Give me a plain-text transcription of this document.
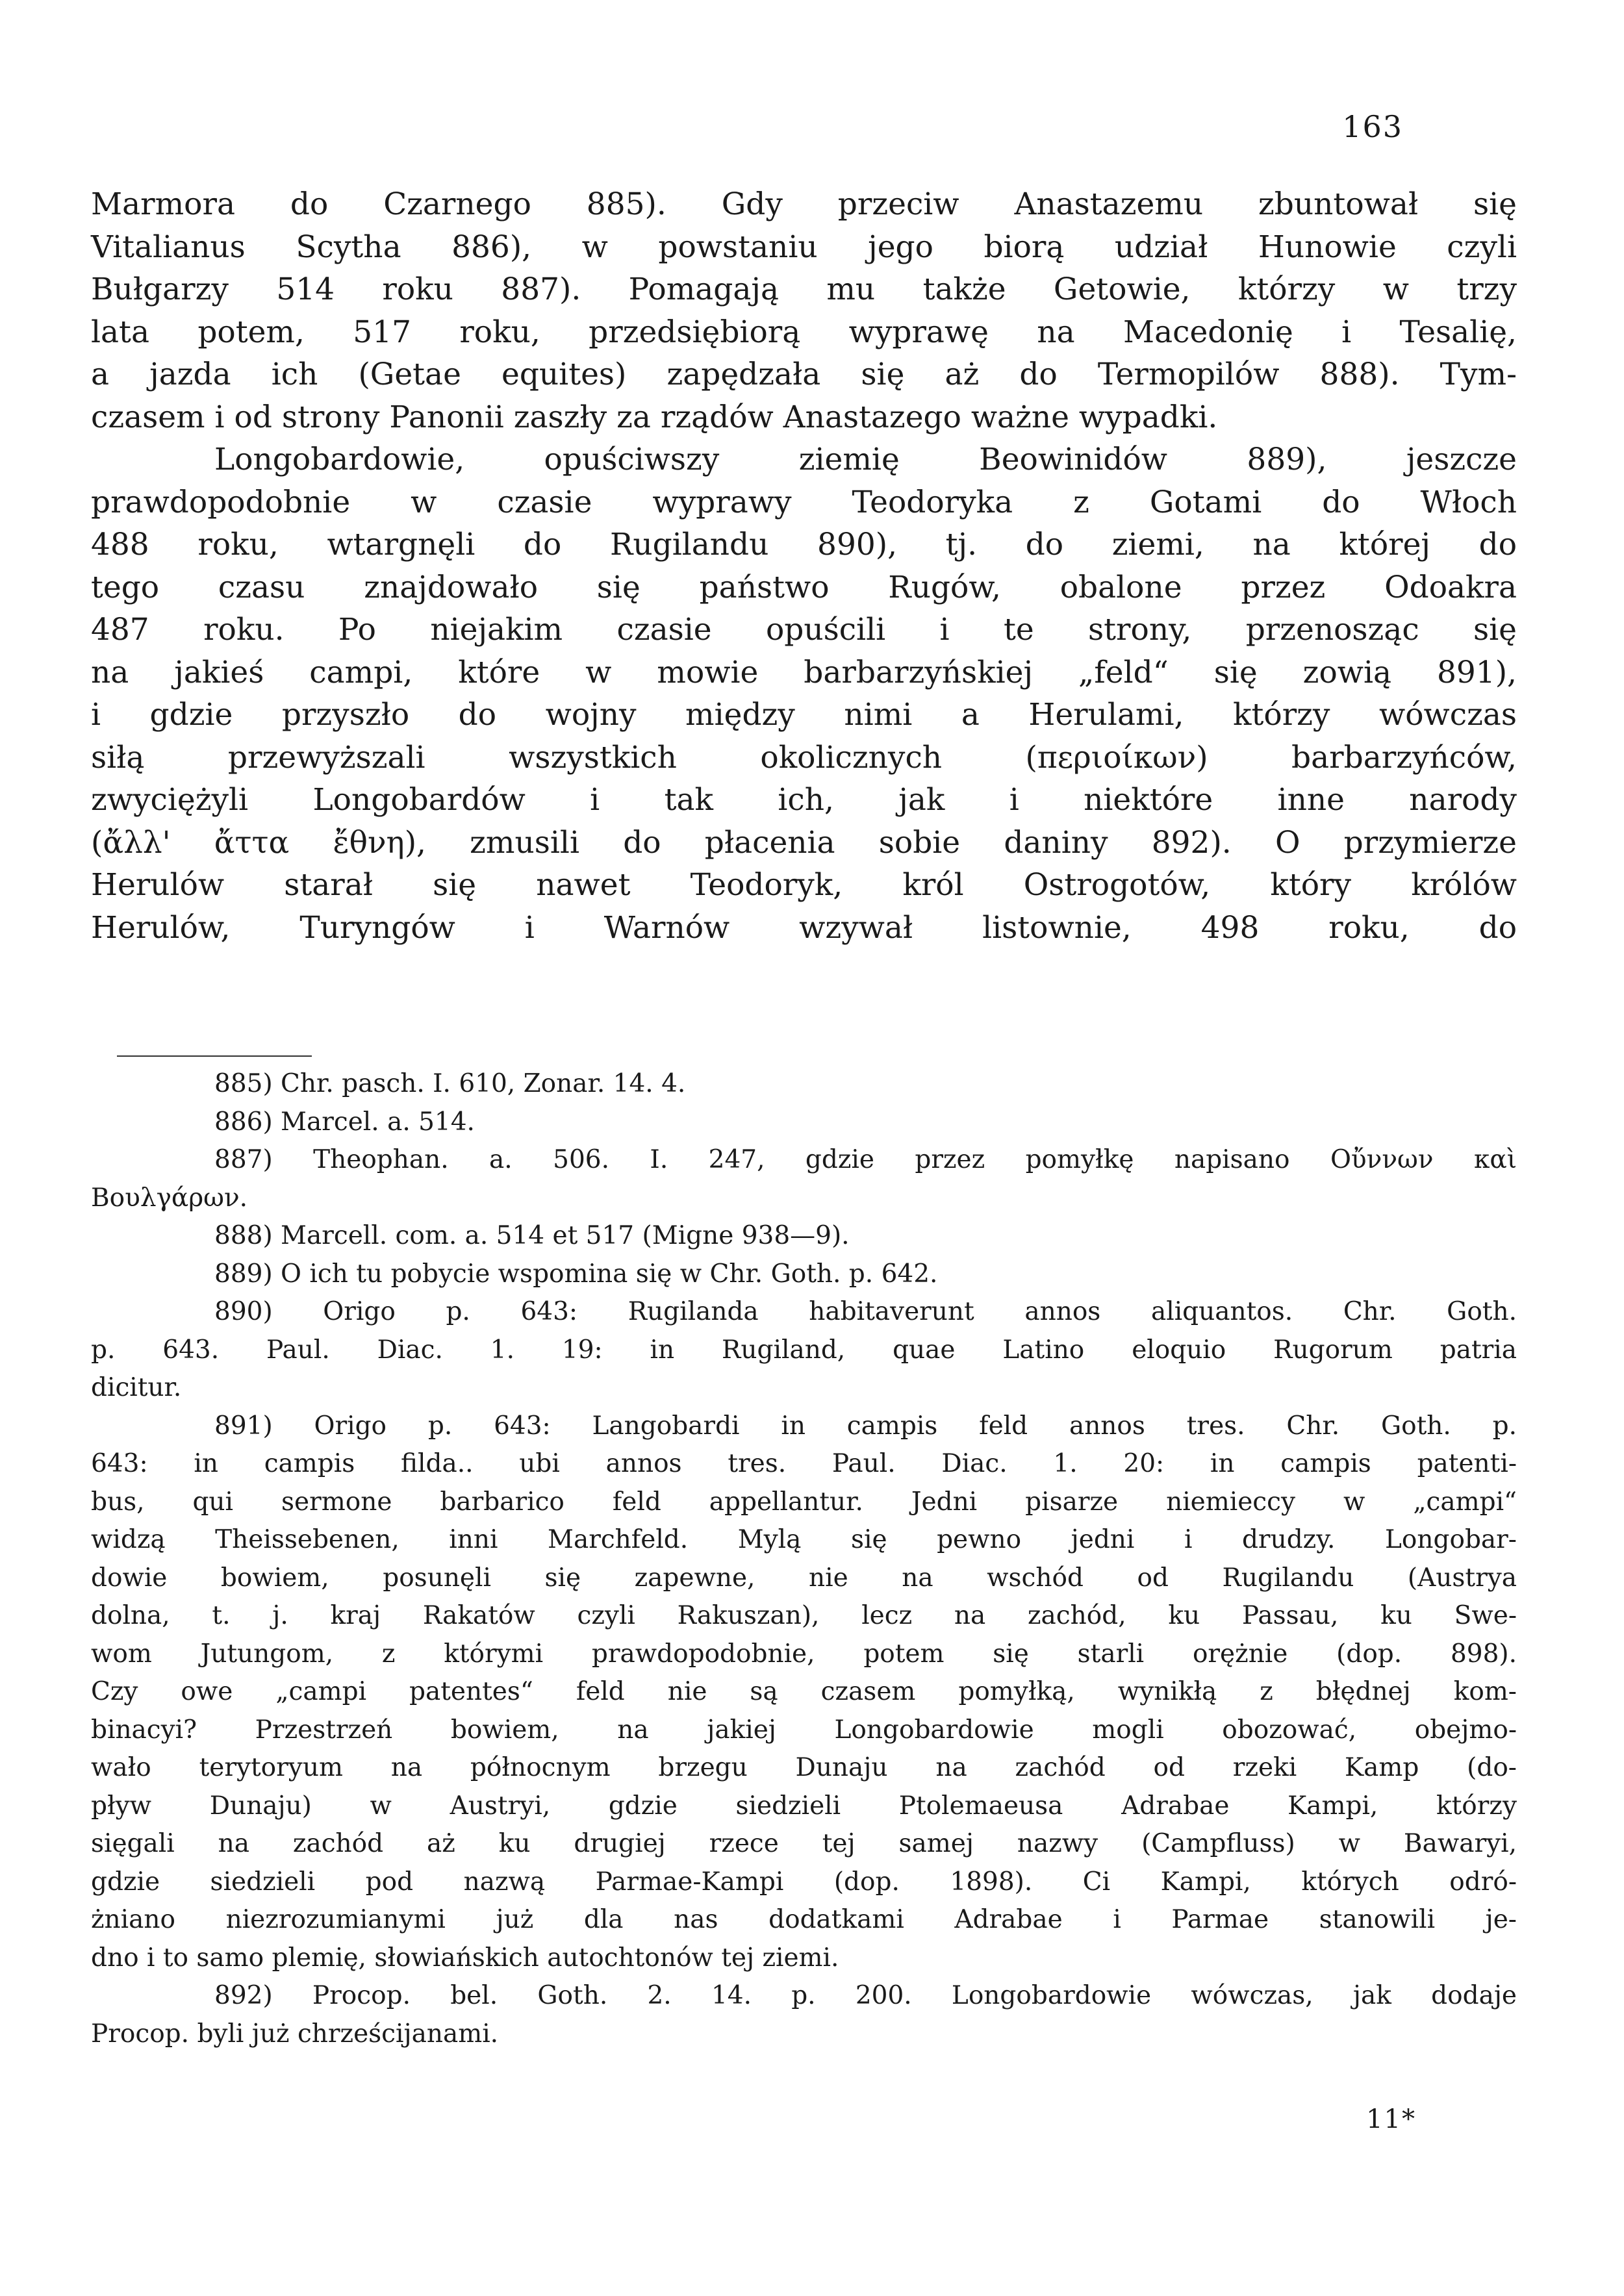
163
Marmora do Czarnego 885). Gdy przeciw Anastazemu zbuntował się
Vitalianus Scytha 886), w powstaniu jego biorą udział Hunowie czyli
Bułgarzy 514 roku 887). Pomagają mu także Getowie, którzy w trzy
lata potem, 517 roku, przedsiębiorą wyprawę na Macedonię i Tesalię,
a jazda ich (Getae equites) zapędzała się aż do Termopilów 888). Tym-
czasem i od strony Panonii zaszły za rządów Anastazego ważne wypadki.
Longobardowie, opuściwszy ziemię Beowinidów 889), jeszcze
prawdopodobnie w czasie wyprawy Teodoryka z Gotami do Włoch
488 roku, wtargnęli do Rugilandu 890), tj. do ziemi, na której do
tego czasu znajdowało się państwo Rugów, obalone przez Odoakra
487 roku. Po niejakim czasie opuścili i te strony, przenosząc się
na jakieś campi, które w mowie barbarzyńskiej „feld“ się zowią 891),
i gdzie przyszło do wojny między nimi a Herulami, którzy wówczas
siłą przewyższali wszystkich okolicznych (περιοίκων) barbarzyńców,
zwyciężyli Longobardów i tak ich, jak i niektóre inne narody
(ἄλλ' ἄττα ἔθνη), zmusili do płacenia sobie daniny 892). O przymierze
Herulów starał się nawet Teodoryk, król Ostrogotów, który królów
Herulów, Turyngów i Warnów wzywał listownie, 498 roku, do
885) Chr. pasch. I. 610, Zonar. 14. 4.
886) Marcel. a. 514.
887) Theophan. a. 506. I. 247, gdzie przez pomyłkę napisano Οὔννων καὶ
Βουλγάρων.
888) Marcell. com. a. 514 et 517 (Migne 938—9).
889) O ich tu pobycie wspomina się w Chr. Goth. p. 642.
890) Origo p. 643: Rugilanda habitaverunt annos aliquantos. Chr. Goth.
p. 643. Paul. Diac. 1. 19: in Rugiland, quae Latino eloquio Rugorum patria
dicitur.
891) Origo p. 643: Langobardi in campis feld annos tres. Chr. Goth. p.
643: in campis filda.. ubi annos tres. Paul. Diac. 1. 20: in campis patenti-
bus, qui sermone barbarico feld appellantur. Jedni pisarze niemieccy w „campi“
widzą Theissebenen, inni Marchfeld. Mylą się pewno jedni i drudzy. Longobar-
dowie bowiem, posunęli się zapewne, nie na wschód od Rugilandu (Austrya
dolna, t. j. kraj Rakatów czyli Rakuszan), lecz na zachód, ku Passau, ku Swe-
wom Jutungom, z którymi prawdopodobnie, potem się starli orężnie (dop. 898).
Czy owe „campi patentes“ feld nie są czasem pomyłką, wynikłą z błędnej kom-
binacyi? Przestrzeń bowiem, na jakiej Longobardowie mogli obozować, obejmo-
wało terytoryum na północnym brzegu Dunaju na zachód od rzeki Kamp (do-
pływ Dunaju) w Austryi, gdzie siedzieli Ptolemaeusa Adrabae Kampi, którzy
sięgali na zachód aż ku drugiej rzece tej samej nazwy (Campfluss) w Bawaryi,
gdzie siedzieli pod nazwą Parmae-Kampi (dop. 1898). Ci Kampi, których odró-
żniano niezrozumianymi już dla nas dodatkami Adrabae i Parmae stanowili je-
dno i to samo plemię, słowiańskich autochtonów tej ziemi.
892) Procop. bel. Goth. 2. 14. p. 200. Longobardowie wówczas, jak dodaje
Procop. byli już chrześcijanami.
11*
